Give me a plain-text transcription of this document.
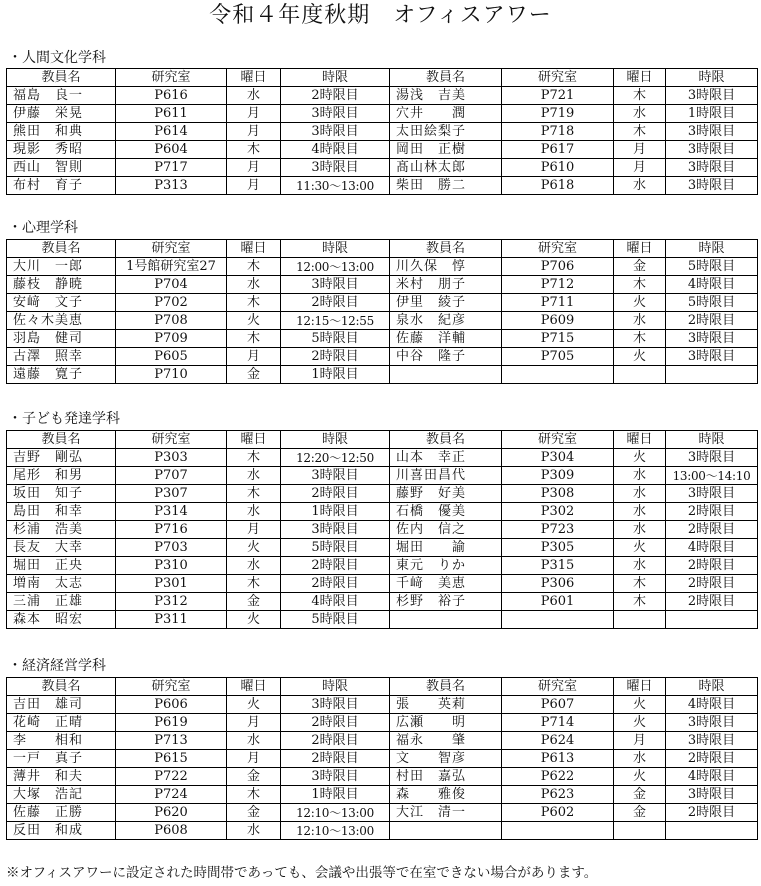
令和４年度秋期　オフィスアワー
・人間文化学科
教員名	研究室	曜日	時限	教員名	研究室	曜日	時限
福島　良一	P616	水	2時限目	湯浅　吉美	P721	木	3時限目
伊藤　栄晃	P611	月	3時限目	穴井　　潤	P719	水	1時限目
熊田　和典	P614	月	3時限目	太田絵梨子	P718	木	3時限目
現影　秀昭	P604	木	4時限目	岡田　正樹	P617	月	3時限目
西山　智則	P717	月	3時限目	髙山林太郎	P610	月	3時限目
布村　育子	P313	月	11:30～13:00	柴田　勝二	P618	水	3時限目
・心理学科
教員名	研究室	曜日	時限	教員名	研究室	曜日	時限
大川　一郎	1号館研究室27	木	12:00～13:00	川久保　惇	P706	金	5時限目
藤枝　静暁	P704	水	3時限目	米村　朋子	P712	木	4時限目
安﨑　文子	P702	木	2時限目	伊里　綾子	P711	火	5時限目
佐々木美恵	P708	火	12:15～12:55	泉水　紀彦	P609	水	2時限目
羽島　健司	P709	木	5時限目	佐藤　洋輔	P715	木	3時限目
古澤　照幸	P605	月	2時限目	中谷　隆子	P705	火	3時限目
遠藤　寛子	P710	金	1時限目				
・子ども発達学科
教員名	研究室	曜日	時限	教員名	研究室	曜日	時限
吉野　剛弘	P303	木	12:20～12:50	山本　幸正	P304	火	3時限目
尾形　和男	P707	水	3時限目	川喜田昌代	P309	水	13:00～14:10
坂田　知子	P307	木	2時限目	藤野　好美	P308	水	3時限目
島田　和幸	P314	水	1時限目	石橋　優美	P302	水	2時限目
杉浦　浩美	P716	月	3時限目	佐内　信之	P723	水	2時限目
長友　大幸	P703	火	5時限目	堀田　　諭	P305	火	4時限目
堀田　正央	P310	水	2時限目	東元　りか	P315	水	2時限目
増南　太志	P301	木	2時限目	千﨑　美恵	P306	木	2時限目
三浦　正雄	P312	金	4時限目	杉野　裕子	P601	木	2時限目
森本　昭宏	P311	火	5時限目				
・経済経営学科
教員名	研究室	曜日	時限	教員名	研究室	曜日	時限
吉田　雄司	P606	火	3時限目	張　　英莉	P607	火	4時限目
花崎　正晴	P619	月	2時限目	広瀬　　明	P714	火	3時限目
李　　相和	P713	水	2時限目	福永　　肇	P624	月	3時限目
一戸　真子	P615	月	2時限目	文　　智彦	P613	水	2時限目
薄井　和夫	P722	金	3時限目	村田　嘉弘	P622	火	4時限目
大塚　浩記	P724	木	1時限目	森　　雅俊	P623	金	3時限目
佐藤　正勝	P620	金	12:10～13:00	大江　清一	P602	金	2時限目
反田　和成	P608	水	12:10～13:00				
※オフィスアワーに設定された時間帯であっても、会議や出張等で在室できない場合があります。
